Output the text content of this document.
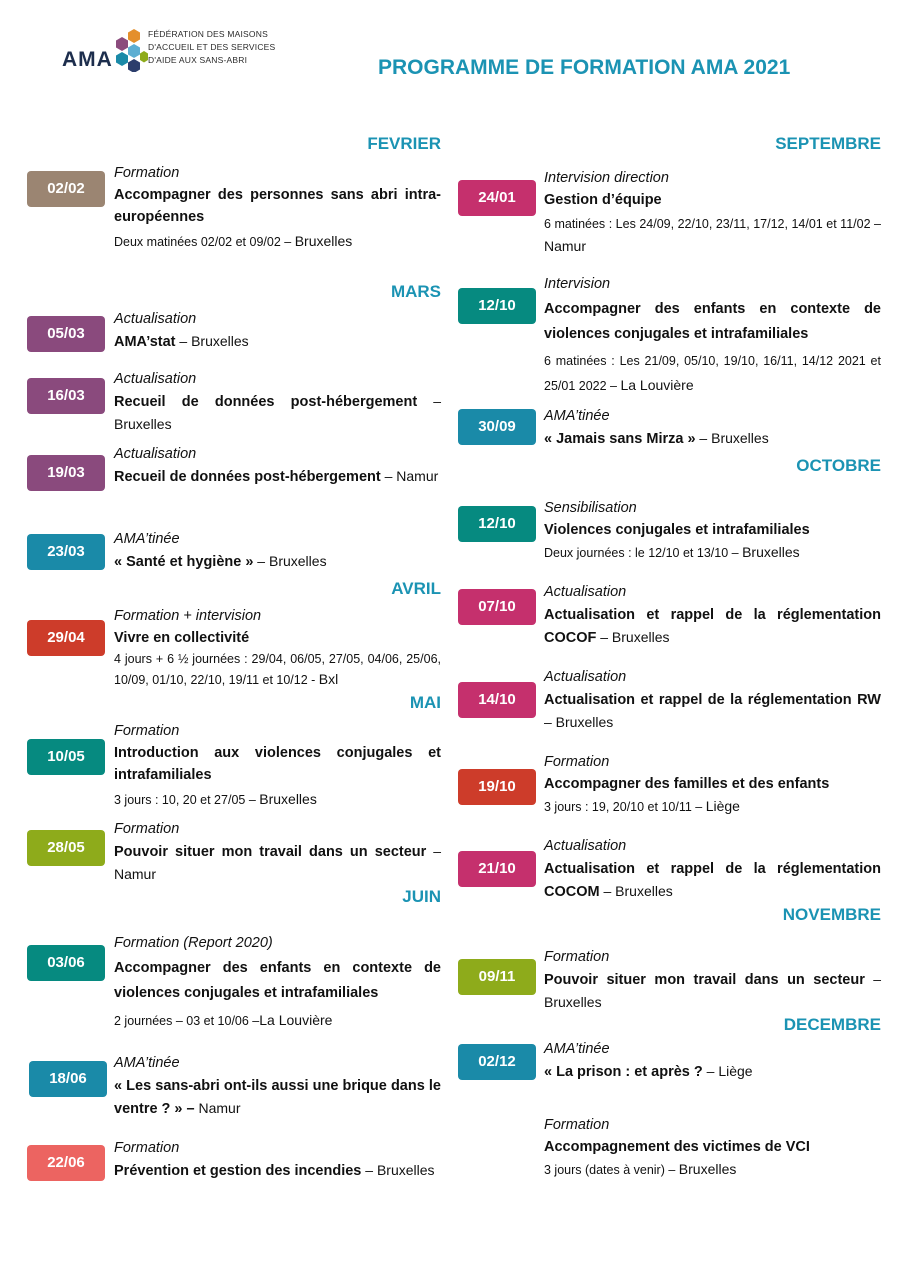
AMA
FÉDÉRATION DES MAISONS
D'ACCUEIL ET DES SERVICES
D'AIDE AUX SANS-ABRI	PROGRAMME DE FORMATION AMA 2021
FEVRIER
02/02
Formation
Accompagner des personnes sans abri intra-européennes
Deux matinées 02/02 et 09/02 – Bruxelles
MARS
05/03
Actualisation
AMA’stat – Bruxelles
16/03
Actualisation
Recueil de données post-hébergement – Bruxelles
19/03
Actualisation
Recueil de données post-hébergement – Namur
23/03
AMA’tinée
« Santé et hygiène » – Bruxelles
AVRIL
29/04
Formation + intervision
Vivre en collectivité
4 jours + 6 ½ journées : 29/04, 06/05, 27/05, 04/06, 25/06, 10/09, 01/10, 22/10, 19/11 et 10/12 - Bxl
MAI
10/05
Formation
Introduction aux violences conjugales et intrafamiliales
3 jours : 10, 20 et 27/05 – Bruxelles
28/05
Formation
Pouvoir situer mon travail dans un secteur – Namur
JUIN
03/06
Formation (Report 2020)
Accompagner des enfants en contexte de violences conjugales et intrafamiliales
2 journées – 03 et 10/06 –La Louvière
18/06
AMA’tinée
« Les sans-abri ont-ils aussi une brique dans le ventre ? » – Namur
22/06
Formation
Prévention et gestion des incendies – Bruxelles
SEPTEMBRE
24/01
Intervision direction
Gestion d’équipe
6 matinées : Les 24/09, 22/10, 23/11, 17/12, 14/01 et 11/02 – Namur
12/10
Intervision
Accompagner des enfants en contexte de violences conjugales et intrafamiliales
6 matinées : Les 21/09, 05/10, 19/10, 16/11, 14/12 2021 et 25/01 2022 – La Louvière
30/09
AMA’tinée
« Jamais sans Mirza » – Bruxelles
OCTOBRE
12/10
Sensibilisation
Violences conjugales et intrafamiliales
Deux journées : le 12/10 et 13/10 – Bruxelles
07/10
Actualisation
Actualisation et rappel de la réglementation COCOF – Bruxelles
14/10
Actualisation
Actualisation et rappel de la réglementation RW – Bruxelles
19/10
Formation
Accompagner des familles et des enfants
3 jours : 19, 20/10 et 10/11 – Liège
21/10
Actualisation
Actualisation et rappel de la réglementation COCOM – Bruxelles
NOVEMBRE
09/11
Formation
Pouvoir situer mon travail dans un secteur – Bruxelles
DECEMBRE
02/12
AMA’tinée
« La prison : et après ? – Liège
Formation
Accompagnement des victimes de VCI
3 jours (dates à venir) – Bruxelles
